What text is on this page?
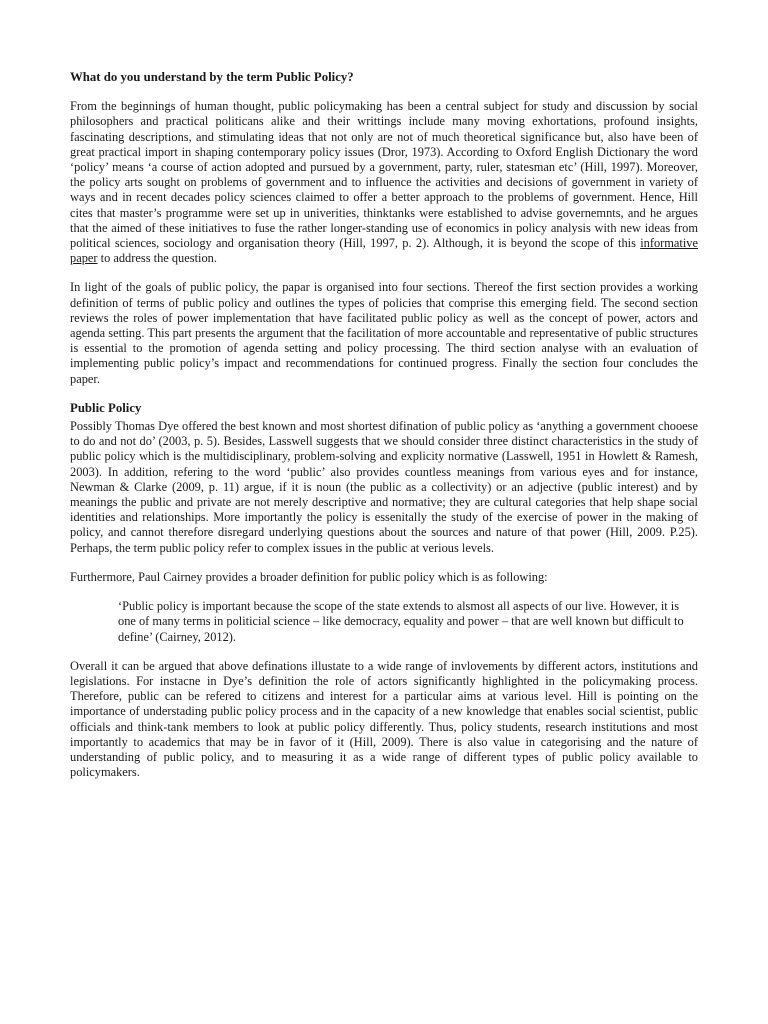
What do you understand by the term Public Policy?

From the beginnings of human thought, public policymaking has been a central subject for study and discussion by social philosophers and practical politicans alike and their writtings include many moving exhortations, profound insights, fascinating descriptions, and stimulating ideas that not only are not of much theoretical significance but, also have been of great practical import in shaping contemporary policy issues (Dror, 1973). According to Oxford English Dictionary the word ‘policy’ means ‘a course of action adopted and pursued by a government, party, ruler, statesman etc’ (Hill, 1997). Moreover, the policy arts sought on problems of government and to influence the activities and decisions of government in variety of ways and in recent decades policy sciences claimed to offer a better approach to the problems of government. Hence, Hill cites that master’s programme were set up in univerities, thinktanks were established to advise governemnts, and he argues that the aimed of these initiatives to fuse the rather longer-standing use of economics in policy analysis with new ideas from political sciences, sociology and organisation theory (Hill, 1997, p. 2). Although, it is beyond the scope of this informative paper to address the question.

In light of the goals of public policy, the papar is organised into four sections. Thereof the first section provides a working definition of terms of public policy and outlines the types of policies that comprise this emerging field. The second section reviews the roles of power implementation that have facilitated public policy as well as the concept of power, actors and agenda setting. This part presents the argument that the facilitation of more accountable and representative of public structures is essential to the promotion of agenda setting and policy processing. The third section analyse with an evaluation of implementing public policy’s impact and recommendations for continued progress. Finally the section four concludes the paper.

Public Policy

Possibly Thomas Dye offered the best known and most shortest difination of public policy as ‘anything a government chooese to do and not do’ (2003, p. 5). Besides, Lasswell suggests that we should consider three distinct characteristics in the study of public policy which is the multidisciplinary, problem-solving and explicity normative (Lasswell, 1951 in Howlett & Ramesh, 2003). In addition, refering to the word ‘public’ also provides countless meanings from various eyes and for instance, Newman & Clarke (2009, p. 11) argue, if it is noun (the public as a collectivity) or an adjective (public interest) and by meanings the public and private are not merely descriptive and normative; they are cultural categories that help shape social identities and relationships. More importantly the policy is essenitally the study of the exercise of power in the making of policy, and cannot therefore disregard underlying questions about the sources and nature of that power (Hill, 2009. P.25). Perhaps, the term public policy refer to complex issues in the public at verious levels.

Furthermore, Paul Cairney provides a broader definition for public policy which is as following:

‘Public policy is important because the scope of the state extends to alsmost all aspects of our live. However, it is one of many terms in politicial science – like democracy, equality and power – that are well known but difficult to define’ (Cairney, 2012).

Overall it can be argued that above definations illustate to a wide range of invlovements by different actors, institutions and legislations. For instacne in Dye’s definition the role of actors significantly highlighted in the policymaking process. Therefore, public can be refered to citizens and interest for a particular aims at various level. Hill is pointing on the importance of understading public policy process and in the capacity of a new knowledge that enables social scientist, public officials and think-tank members to look at public policy differently. Thus, policy students, research institutions and most importantly to academics that may be in favor of it (Hill, 2009). There is also value in categorising and the nature of understanding of public policy, and to measuring it as a wide range of different types of public policy available to policymakers.
